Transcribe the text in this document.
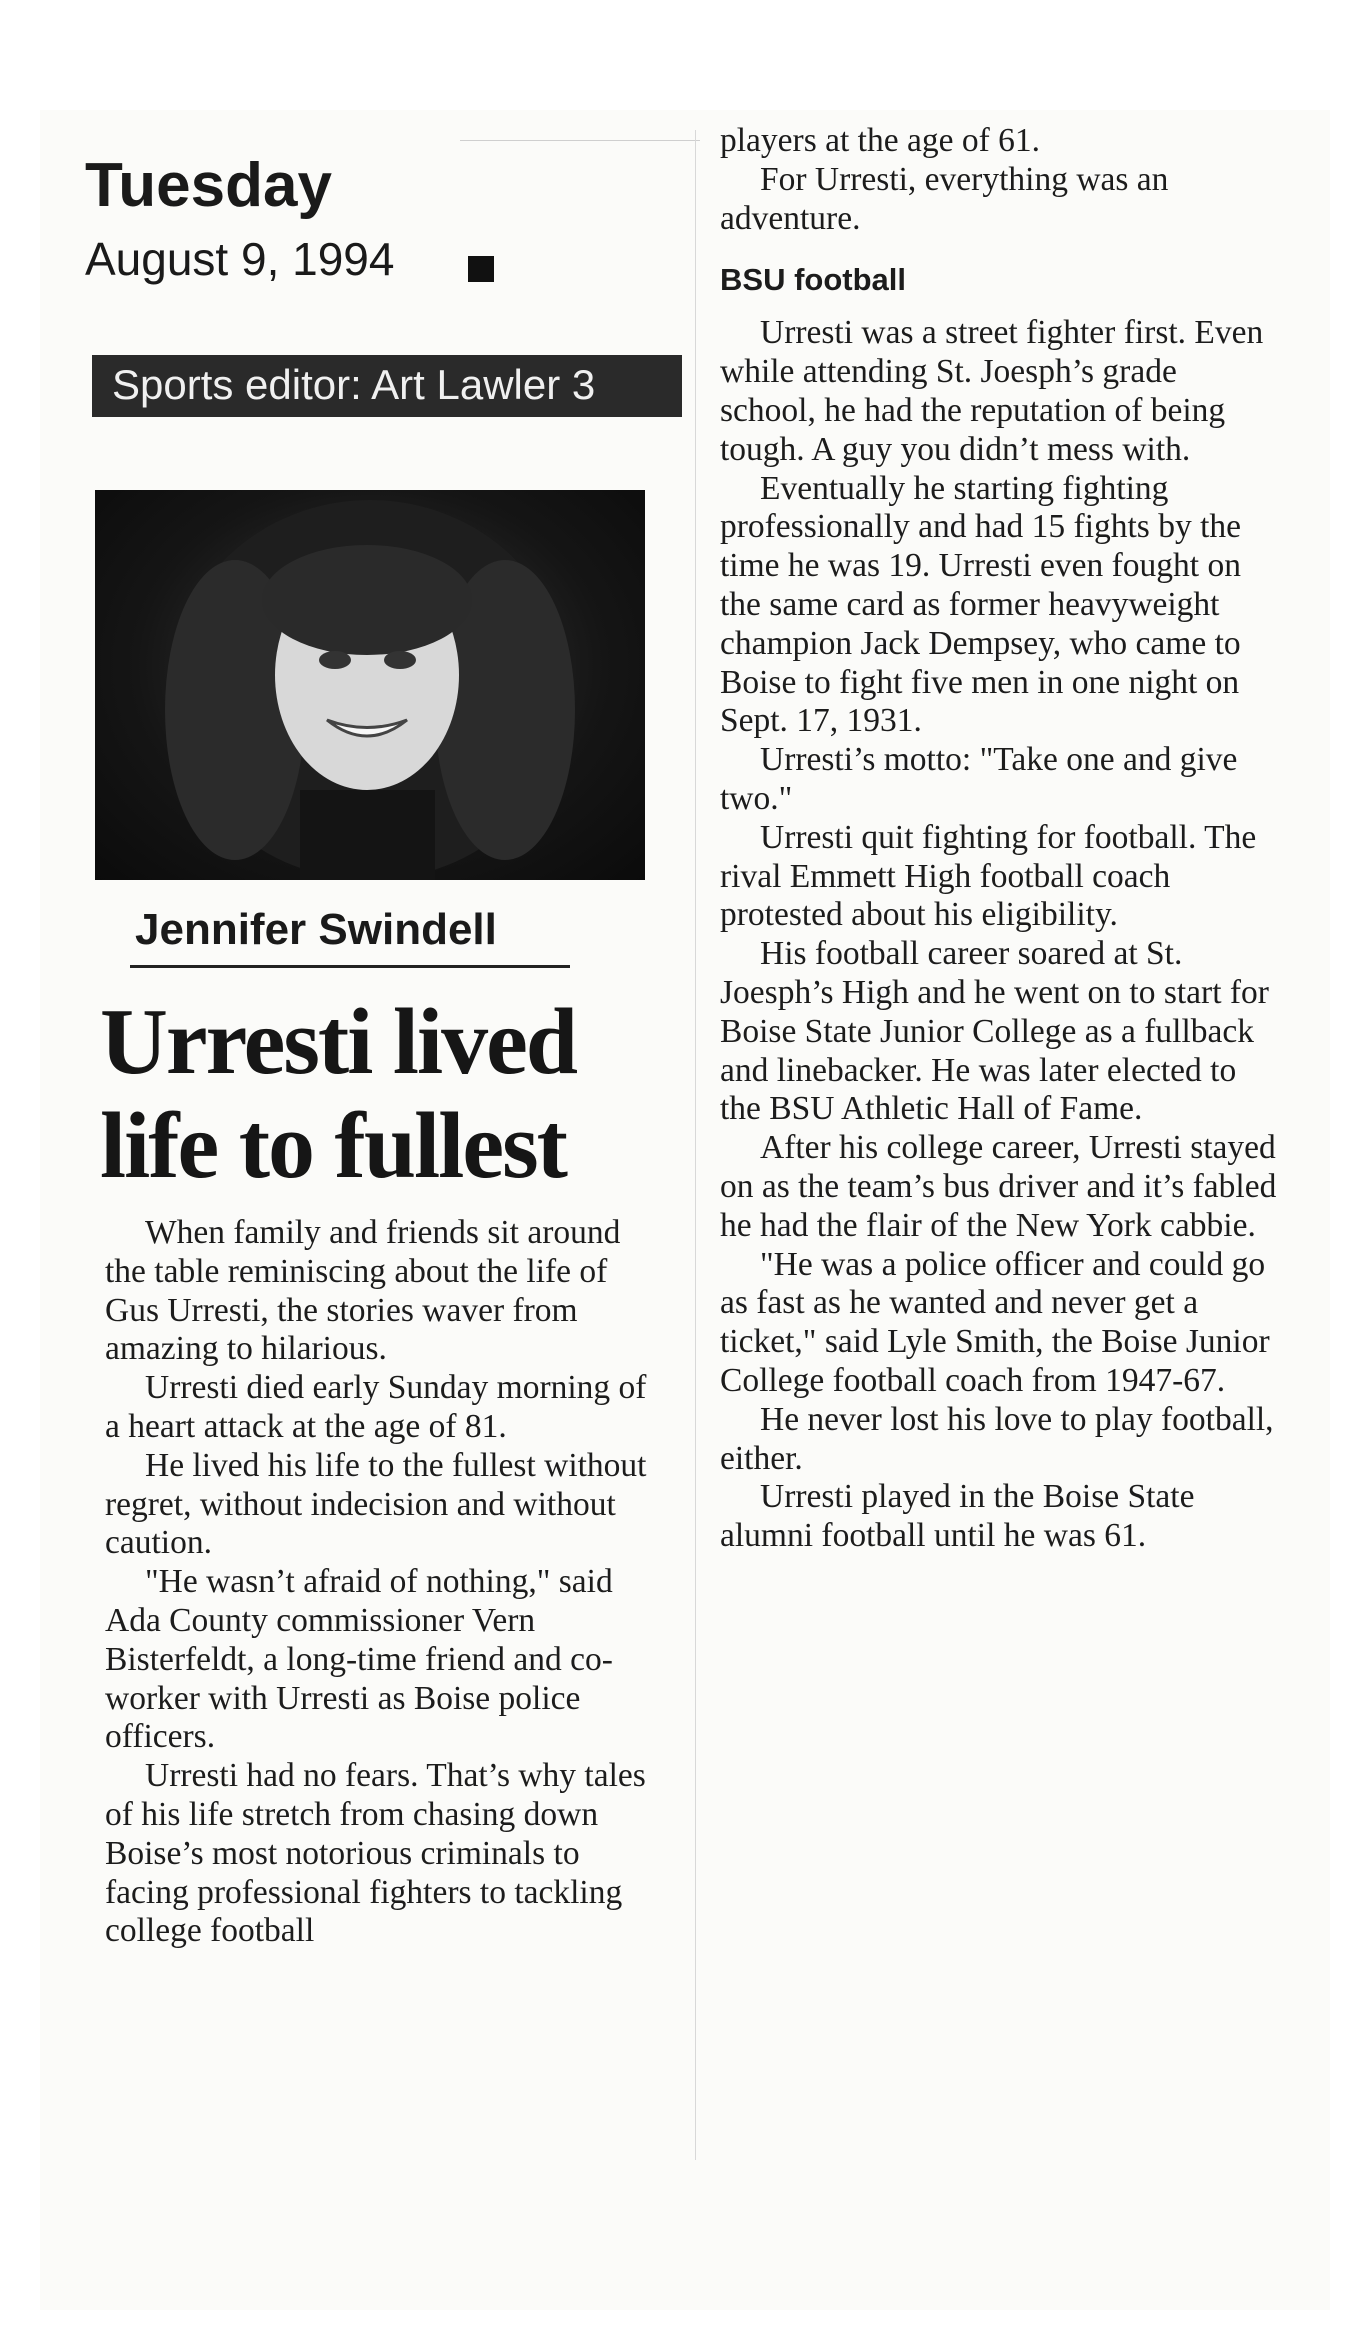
Tuesday
August 9, 1994
Sports editor: Art Lawler 3
Jennifer Swindell
Urresti lived life to fullest

When family and friends sit around the table reminiscing about the life of Gus Urresti, the stories waver from amazing to hilarious.

Urresti died early Sunday morning of a heart attack at the age of 81.

He lived his life to the fullest without regret, without indecision and without caution.

"He wasn’t afraid of nothing," said Ada County commissioner Vern Bisterfeldt, a long-time friend and co-worker with Urresti as Boise police officers.

Urresti had no fears. That’s why tales of his life stretch from chasing down Boise’s most notorious criminals to facing professional fighters to tackling college football

players at the age of 61.

For Urresti, everything was an adventure.

BSU football

Urresti was a street fighter first. Even while attending St. Joesph’s grade school, he had the reputation of being tough. A guy you didn’t mess with.

Eventually he starting fighting professionally and had 15 fights by the time he was 19. Urresti even fought on the same card as former heavyweight champion Jack Dempsey, who came to Boise to fight five men in one night on Sept. 17, 1931.

Urresti’s motto: "Take one and give two."

Urresti quit fighting for football. The rival Emmett High football coach protested about his eligibility.

His football career soared at St. Joesph’s High and he went on to start for Boise State Junior College as a fullback and linebacker. He was later elected to the BSU Athletic Hall of Fame.

After his college career, Urresti stayed on as the team’s bus driver and it’s fabled he had the flair of the New York cabbie.

"He was a police officer and could go as fast as he wanted and never get a ticket," said Lyle Smith, the Boise Junior College football coach from 1947-67.

He never lost his love to play football, either.

Urresti played in the Boise State alumni football until he was 61.
